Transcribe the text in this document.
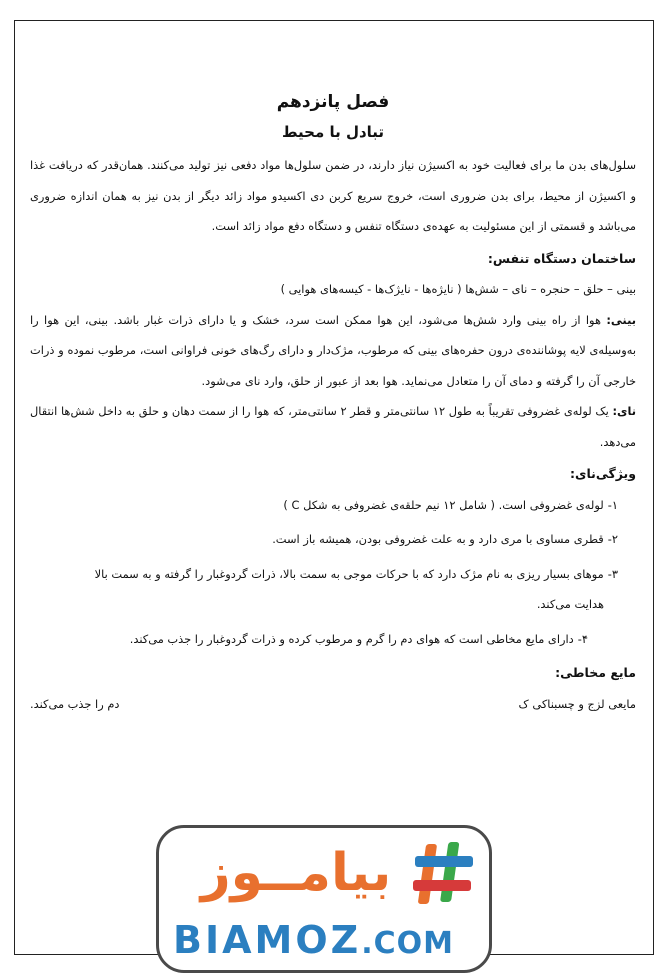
فصل پانزدهم
تبادل با محیط

سلول‌های بدن ما برای فعالیت خود به اکسیژن نیاز دارند، در ضمن سلول‌ها مواد دفعی نیز تولید می‌کنند. همان‌قدر که دریافت غذا و اکسیژن از محیط، برای بدن ضروری است، خروج سریع کربن دی اکسیدو مواد زائد دیگر از بدن نیز به همان اندازه ضروری می‌باشد و قسمتی از این مسئولیت به عهده‌ی دستگاه تنفس و دستگاه دفع مواد زائد است.

ساختمان دستگاه تنفس:

بینی – حلق – حنجره – نای – شش‌ها ( نایژه‌ها - نایژک‌ها - کیسه‌های هوایی )

بینی: هوا از راه بینی وارد شش‌ها می‌شود، این هوا ممکن است سرد، خشک و یا دارای ذرات غبار باشد. بینی، این هوا را به‌وسیله‌ی لایه پوشاننده‌ی درون حفره‌های بینی که مرطوب، مژک‌دار و دارای رگ‌های خونی فراوانی است، مرطوب نموده و ذرات خارجی آن را گرفته و دمای آن را متعادل می‌نماید. هوا بعد از عبور از حلق، وارد نای می‌شود.

نای: یک لوله‌ی غضروفی تقریباً به طول ۱۲ سانتی‌متر و قطر ۲ سانتی‌متر، که هوا را از سمت دهان و حلق به داخل شش‌ها انتقال می‌دهد.

ویژگی‌نای:

۱-لوله‌ی غضروفی است. ( شامل ۱۲ نیم حلقه‌ی غضروفی به شکل C )
۲-قطری مساوی با مری دارد و به علت غضروفی بودن، همیشه باز است.
۳-موهای بسیار ریزی به نام مژک دارد که با حرکات موجی به سمت بالا، ذرات گردوغبار را گرفته و به سمت بالا
هدایت می‌کند.
۴-دارای مایع مخاطی است که هوای دم را گرم و مرطوب کرده و ذرات گردوغبار را جذب می‌کند.

مایع مخاطی:

مایعی لزج و چسبناکی ک
دم را جذب می‌کند.

بیامــوز
BIAMOZ.COM
